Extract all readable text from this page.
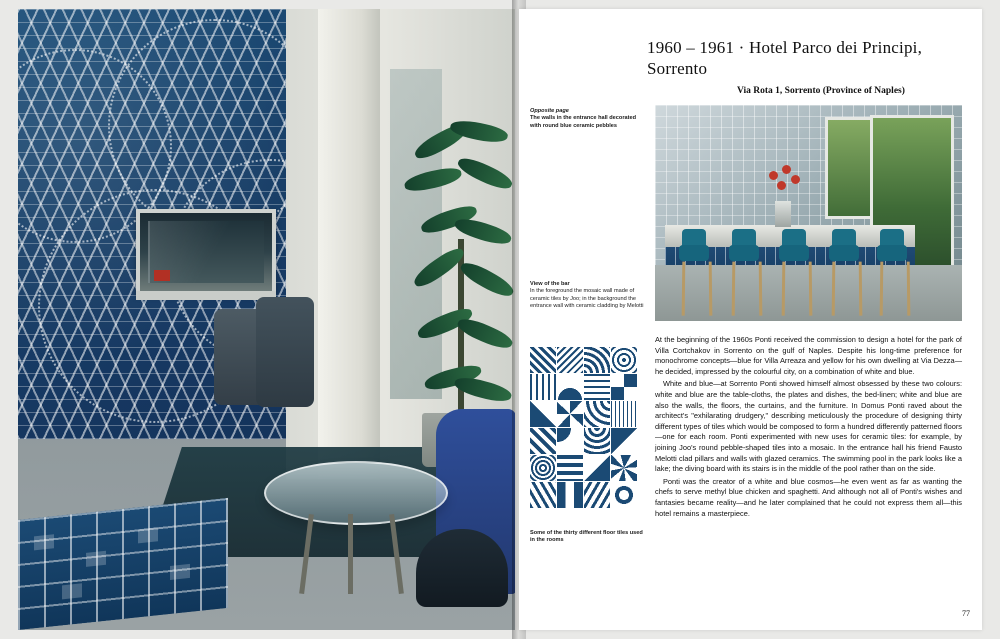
1960 – 1961 · Hotel Parco dei Principi, Sorrento
Via Rota 1, Sorrento (Province of Naples)
Opposite page
The walls in the entrance hall decorated with round blue ceramic pebbles
View of the bar
In the foreground the mosaic wall made of ceramic tiles by Joo; in the background the entrance wall with ceramic cladding by Melotti
Some of the thirty different floor tiles used in the rooms

At the beginning of the 1960s Ponti received the commission to design a hotel for the park of Villa Cortchakov in Sorrento on the gulf of Naples. Despite his long-time preference for monochrome concepts—blue for Villa Arreaza and yellow for his own dwelling at Via Dezza—he decided, impressed by the colourful city, on a combination of white and blue.

White and blue—at Sorrento Ponti showed himself almost obsessed by these two colours: white and blue are the table-cloths, the plates and dishes, the bed-linen; white and blue are also the walls, the floors, the curtains, and the furniture. In Domus Ponti raved about the architect's "exhilarating drudgery," describing meticulously the procedure of designing thirty different types of tiles which would be composed to form a hundred differently patterned floors—one for each room. Ponti experimented with new uses for ceramic tiles: for example, by joining Joo's round pebble-shaped tiles into a mosaic. In the entrance hall his friend Fausto Melotti clad pillars and walls with glazed ceramics. The swimming pool in the park looks like a lake; the diving board with its stairs is in the middle of the pool rather than on the side.

Ponti was the creator of a white and blue cosmos—he even went as far as wanting the chefs to serve methyl blue chicken and spaghetti. And although not all of Ponti's wishes and fantasies became reality—and he later complained that he could not express them all—this hotel remains a masterpiece.

77
